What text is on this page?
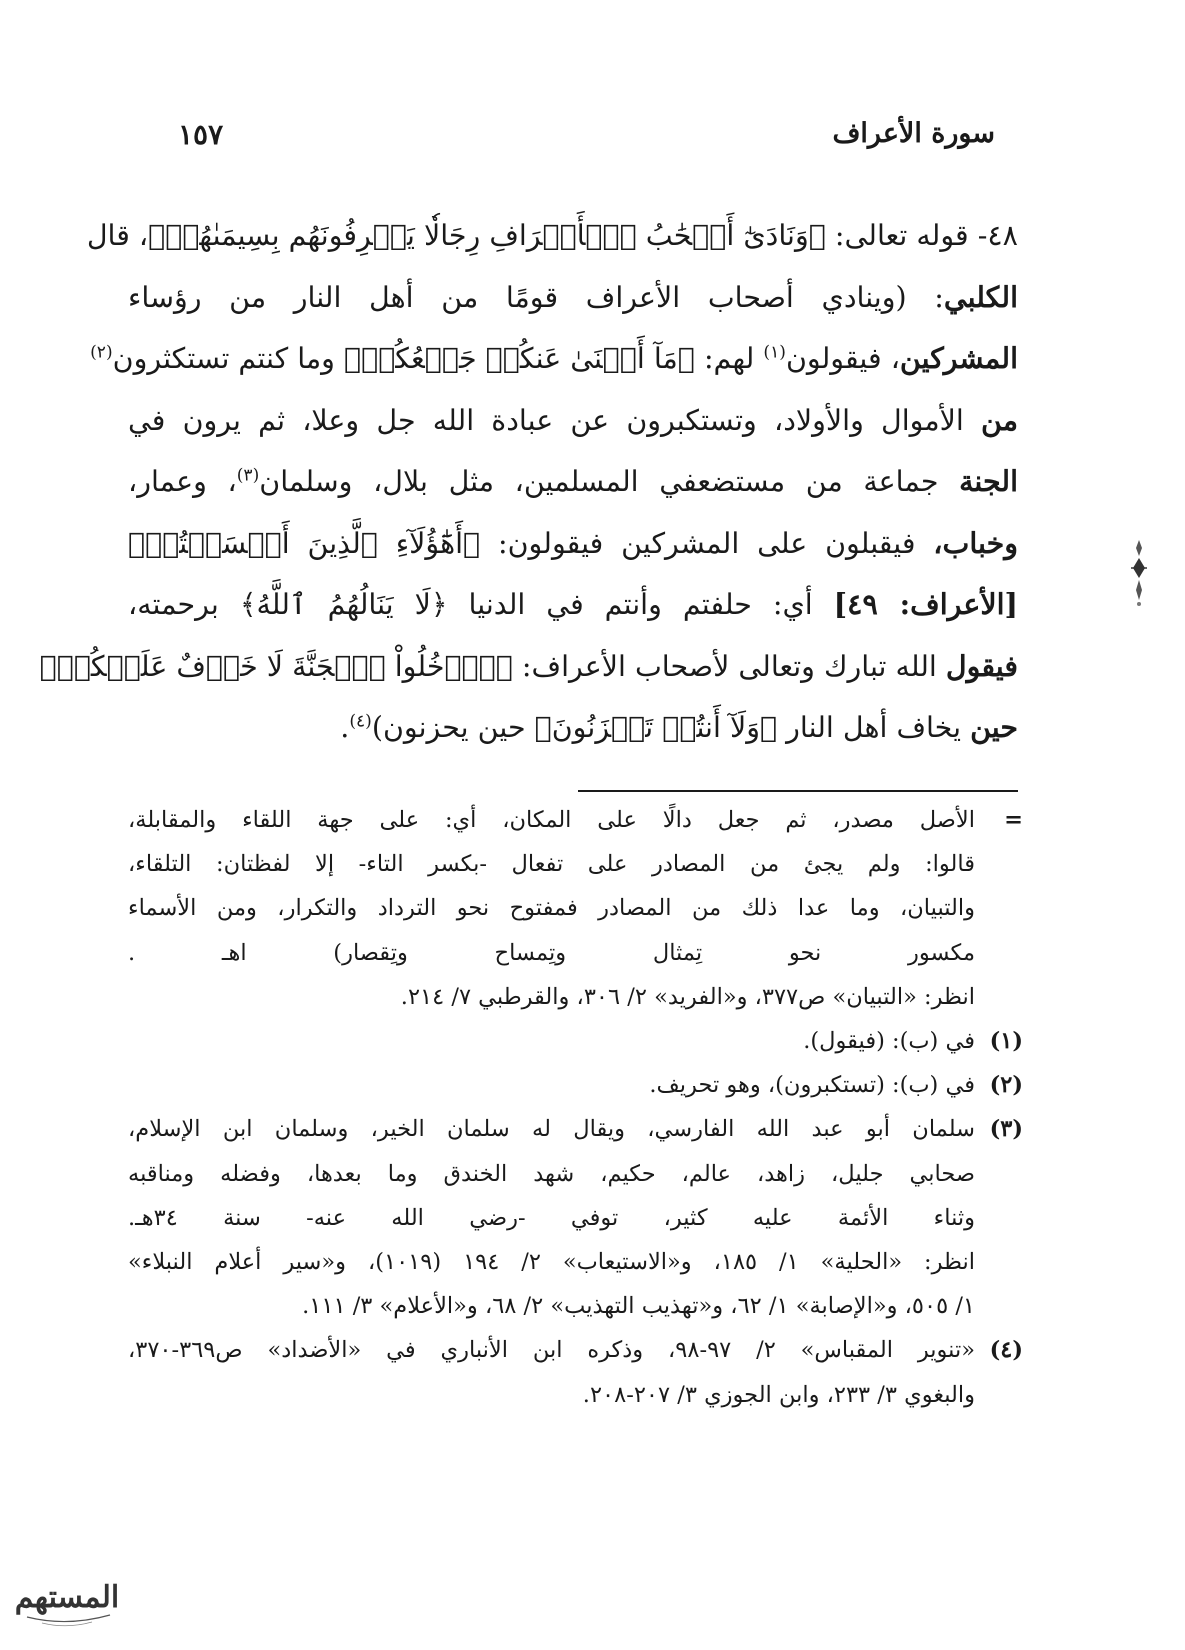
سورة الأعراف
١٥٧
٤٨- قوله تعالى: ﴿وَنَادَىٰٓ أَصۡحَٰبُ ٱلۡأَعۡرَافِ رِجَالٗا يَعۡرِفُونَهُم بِسِيمَىٰهُمۡ﴾، قال
الكلبي: (وينادي أصحاب الأعراف قومًا من أهل النار من رؤساء
المشركين، فيقولون$^{(١)}$ لهم: ﴿مَآ أَغۡنَىٰ عَنكُمۡ جَمۡعُكُمۡ﴾ وما كنتم تستكثرون$^{(٢)}$
من الأموال والأولاد، وتستكبرون عن عبادة الله جل وعلا، ثم يرون في
الجنة جماعة من مستضعفي المسلمين، مثل بلال، وسلمان$^{(٣)}$، وعمار،
وخباب، فيقبلون على المشركين فيقولون: ﴿أَهَٰٓؤُلَآءِ ٱلَّذِينَ أَقۡسَمۡتُمۡ﴾
[الأعراف: ٤٩] أي: حلفتم وأنتم في الدنيا ﴿لَا يَنَالُهُمُ ٱللَّهُ﴾ برحمته،
فيقول الله تبارك وتعالى لأصحاب الأعراف: ﴿ٱدۡخُلُواْ ٱلۡجَنَّةَ لَا خَوۡفٌ عَلَيۡكُمۡ﴾
حين يخاف أهل النار ﴿وَلَآ أَنتُمۡ تَحۡزَنُونَ﴾ حين يحزنون)$^{(٤)}$.
=
الأصل مصدر، ثم جعل دالًا على المكان، أي: على جهة اللقاء والمقابلة،
قالوا: ولم يجئ من المصادر على تفعال -بكسر التاء- إلا لفظتان: التلقاء،
والتبيان، وما عدا ذلك من المصادر فمفتوح نحو الترداد والتكرار، ومن الأسماء
مكسور نحو تِمثال وتِمساح وتِقصار) اهـ .
انظر: «التبيان» ص٣٧٧، و«الفريد» ٢/ ٣٠٦، والقرطبي ٧/ ٢١٤.
(١)
في (ب): (فيقول).
(٢)
في (ب): (تستكبرون)، وهو تحريف.
(٣)
سلمان أبو عبد الله الفارسي، ويقال له سلمان الخير، وسلمان ابن الإسلام،
صحابي جليل، زاهد، عالم، حكيم، شهد الخندق وما بعدها، وفضله ومناقبه
وثناء الأئمة عليه كثير، توفي -رضي الله عنه- سنة ٣٤هـ.
انظر: «الحلية» ١/ ١٨٥، و«الاستيعاب» ٢/ ١٩٤ (١٠١٩)، و«سير أعلام النبلاء»
١/ ٥٠٥، و«الإصابة» ١/ ٦٢، و«تهذيب التهذيب» ٢/ ٦٨، و«الأعلام» ٣/ ١١١.
(٤)
«تنوير المقباس» ٢/ ٩٧-٩٨، وذكره ابن الأنباري في «الأضداد» ص٣٦٩-٣٧٠،
والبغوي ٣/ ٢٣٣، وابن الجوزي ٣/ ٢٠٧-٢٠٨.
المستهم
